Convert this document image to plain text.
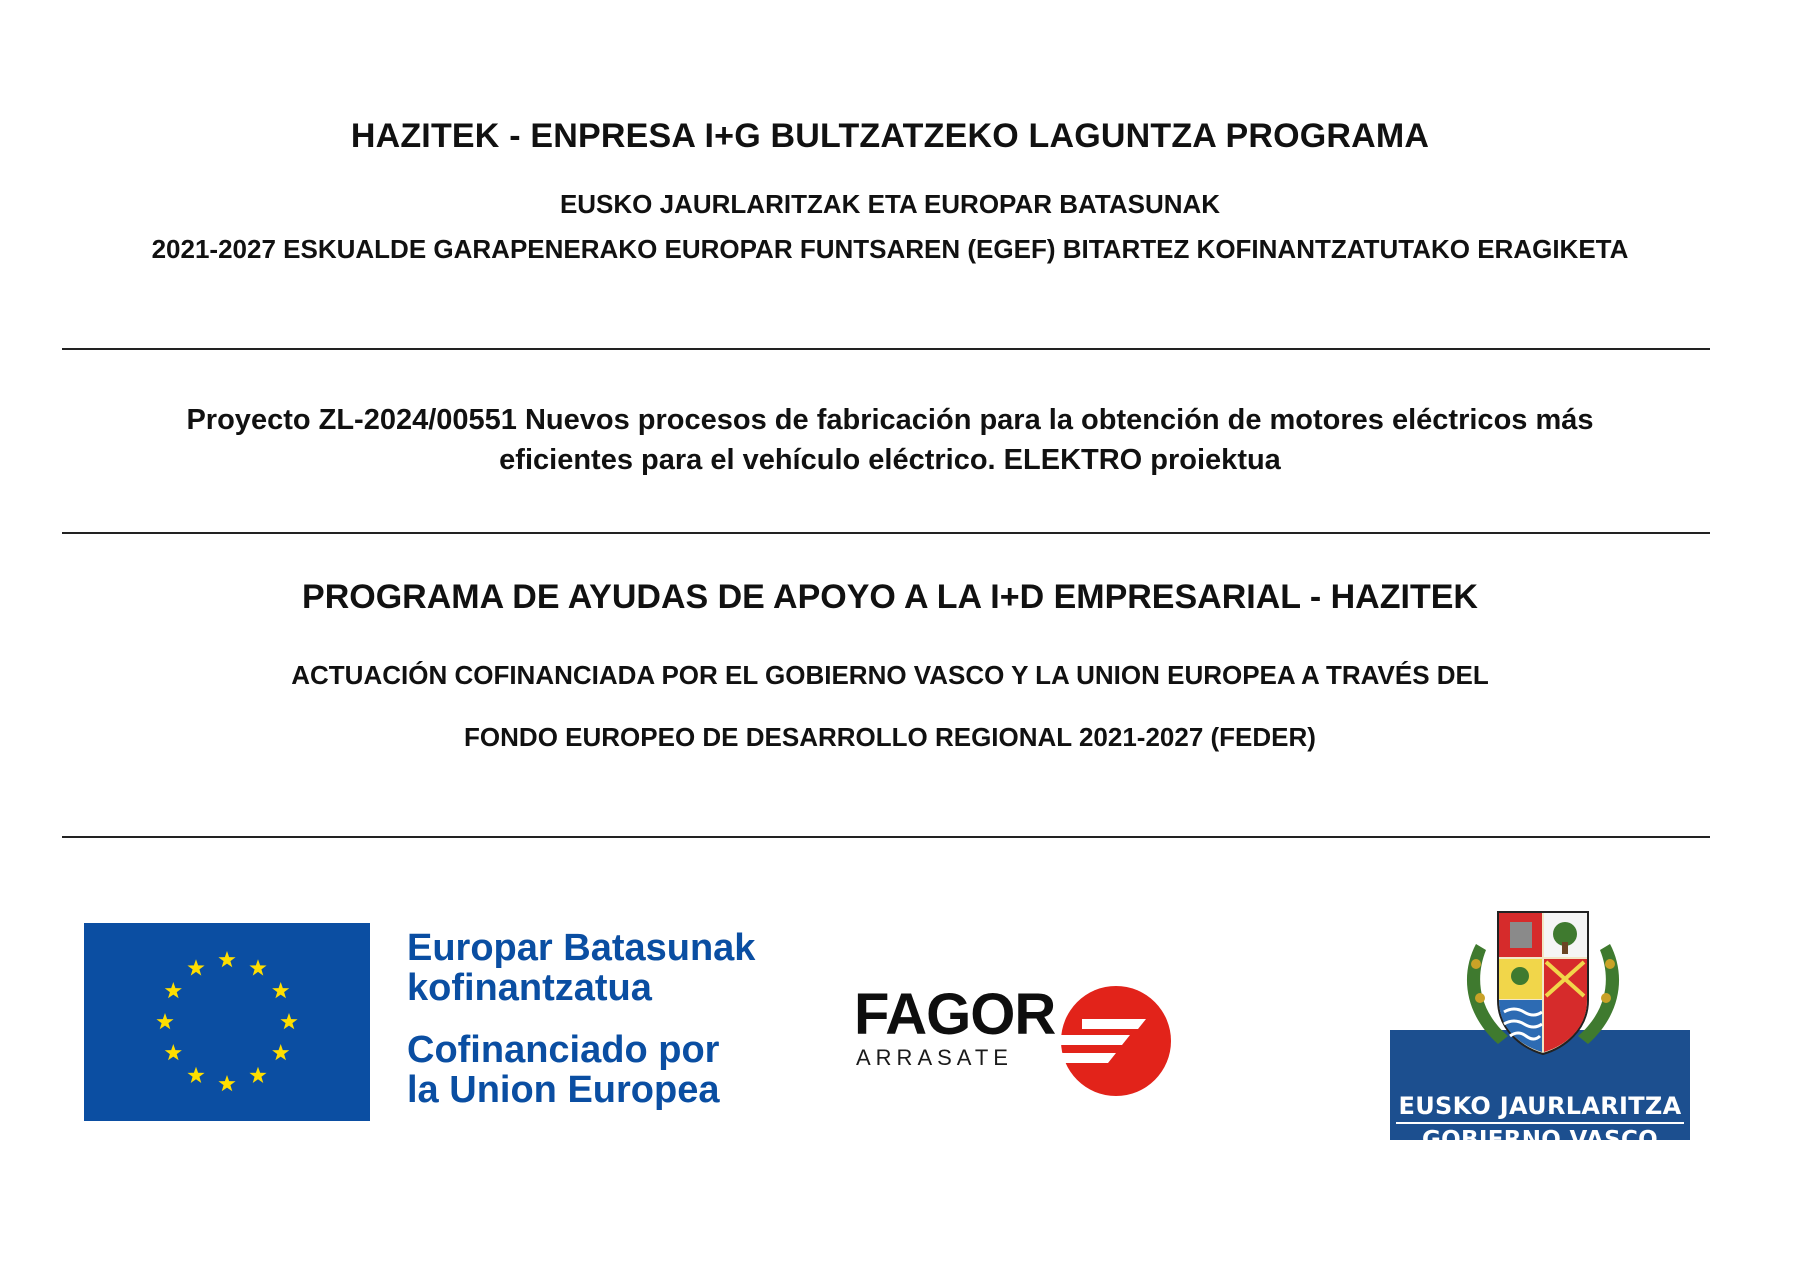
HAZITEK - ENPRESA I+G BULTZATZEKO LAGUNTZA PROGRAMA
EUSKO JAURLARITZAK ETA EUROPAR BATASUNAK
2021-2027 ESKUALDE GARAPENERAKO EUROPAR FUNTSAREN (EGEF) BITARTEZ KOFINANTZATUTAKO ERAGIKETA
Proyecto ZL-2024/00551 Nuevos procesos de fabricación para la obtención de motores eléctricos más
eficientes para el vehículo eléctrico. ELEKTRO proiektua
PROGRAMA DE AYUDAS DE APOYO A LA I+D EMPRESARIAL - HAZITEK
ACTUACIÓN COFINANCIADA POR EL GOBIERNO VASCO Y LA UNION EUROPEA A TRAVÉS DEL
FONDO EUROPEO DE DESARROLLO REGIONAL 2021-2027 (FEDER)
Europar Batasunak
kofinantzatua
Cofinanciado por
la Union Europea
FAGOR
ARRASATE
EUSKO JAURLARITZA
GOBIERNO VASCO
